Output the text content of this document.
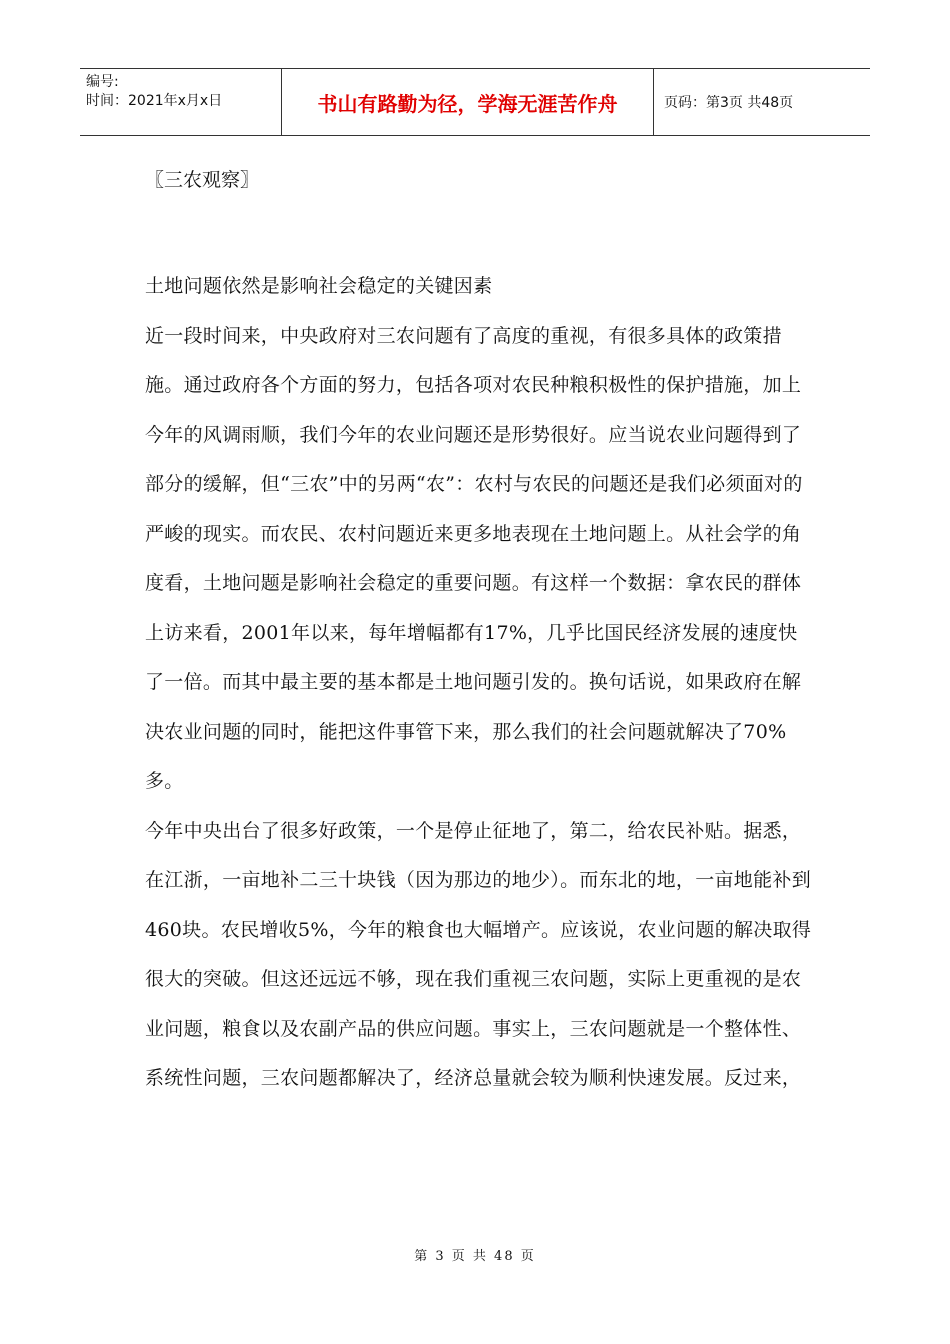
编号:
时间：2021年x月x日	书山有路勤为径，学海无涯苦作舟	页码：第3页 共48页
〖三农观察〗

土地问题依然是影响社会稳定的关键因素

近一段时间来，中央政府对三农问题有了高度的重视，有很多具体的政策措施。通过政府各个方面的努力，包括各项对农民种粮积极性的保护措施，加上今年的风调雨顺，我们今年的农业问题还是形势很好。应当说农业问题得到了部分的缓解，但“三农”中的另两“农”：农村与农民的问题还是我们必须面对的严峻的现实。而农民、农村问题近来更多地表现在土地问题上。从社会学的角度看，土地问题是影响社会稳定的重要问题。有这样一个数据：拿农民的群体上访来看，2001年以来，每年增幅都有17%，几乎比国民经济发展的速度快了一倍。而其中最主要的基本都是土地问题引发的。换句话说，如果政府在解决农业问题的同时，能把这件事管下来，那么我们的社会问题就解决了70%多。

今年中央出台了很多好政策，一个是停止征地了，第二，给农民补贴。据悉，在江浙，一亩地补二三十块钱（因为那边的地少）。而东北的地，一亩地能补到460块。农民增收5%，今年的粮食也大幅增产。应该说，农业问题的解决取得很大的突破。但这还远远不够，现在我们重视三农问题，实际上更重视的是农业问题，粮食以及农副产品的供应问题。事实上，三农问题就是一个整体性、系统性问题，三农问题都解决了，经济总量就会较为顺利快速发展。反过来，

第 3 页 共 48 页
